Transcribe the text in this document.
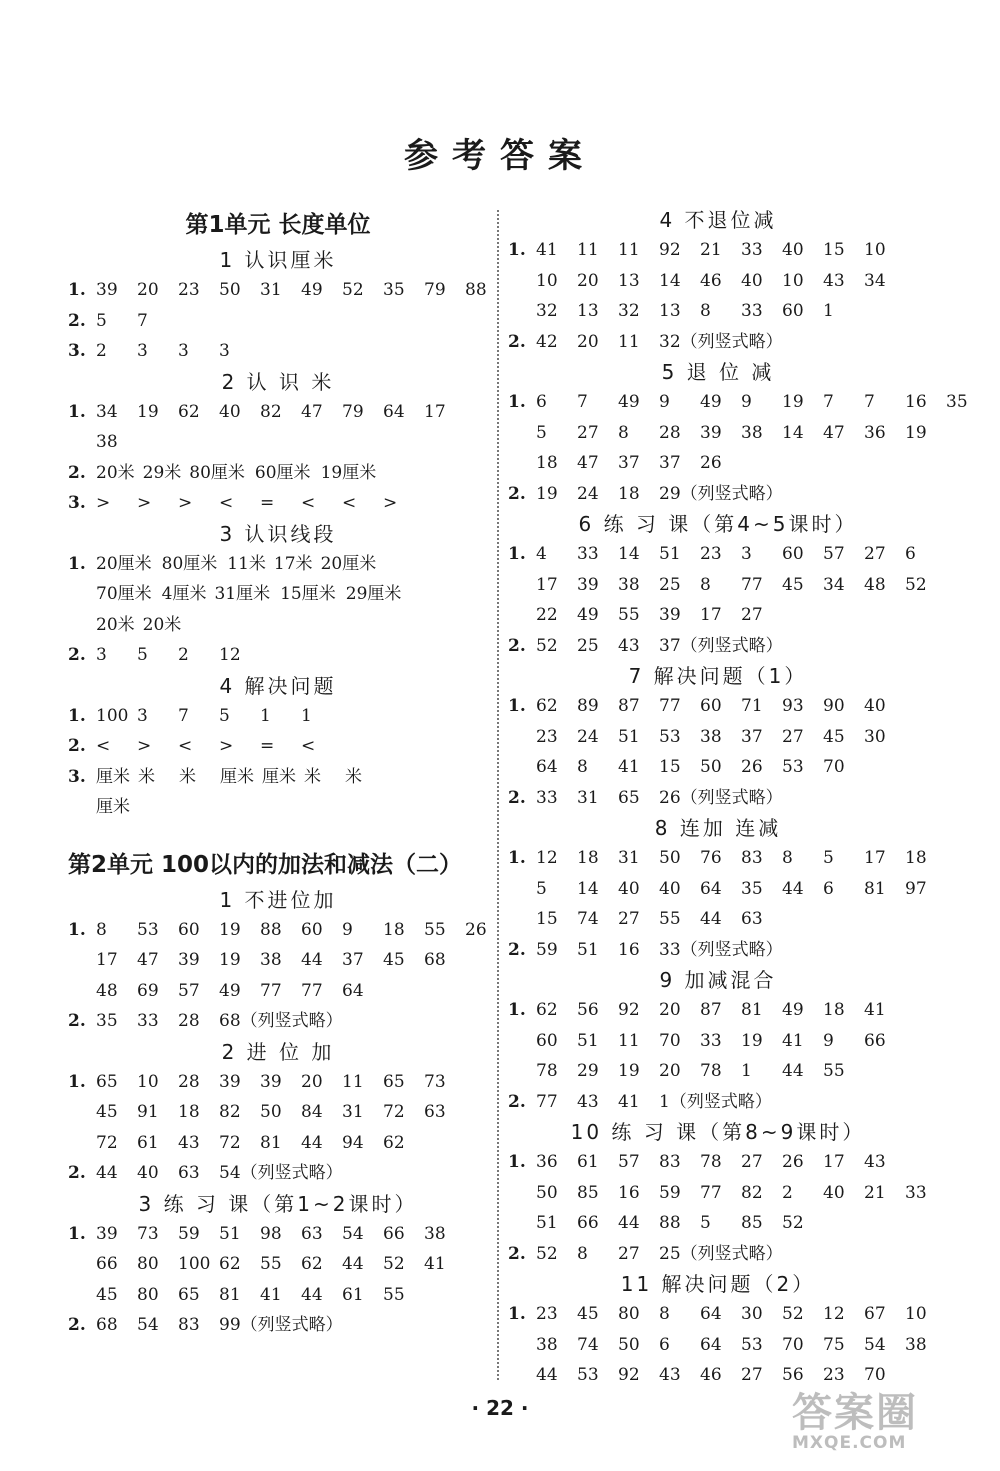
参考答案
第1单元 长度单位
1 认识厘米
1. 39	20	23	50	31	49	52	35	79	88
2. 5	7
3. 2	3	3	3
2 认 识 米
1. 34	19	62	40	82	47	79	64	17
38
2. 20米 29米 80厘米 60厘米 19厘米
3. >	>	>	<	=	<	<	>
3 认识线段
1. 20厘米 80厘米 11米 17米 20厘米
70厘米 4厘米 31厘米 15厘米 29厘米
20米 20米
2. 3	5	2	12
4 解决问题
1. 100 3	7	5	1	1
2. <	>	<	>	=	<
3. 厘米 米	米	厘米 厘米 米	米
厘米
第2单元 100以内的加法和减法（二）
1 不进位加
1. 8	53	60	19	88	60	9	18	55	26
17	47	39	19	38	44	37	45	68
48	69	57	49	77	77	64
2. 35	33	28	68（列竖式略）
2 进 位 加
1. 65	10	28	39	39	20	11	65	73
45	91	18	82	50	84	31	72	63
72	61	43	72	81	44	94	62
2. 44	40	63	54（列竖式略）
3 练 习 课（第1~2课时）
1. 39	73	59	51	98	63	54	66	38
66	80	100 62	55	62	44	52	41
45	80	65	81	41	44	61	55
2. 68	54	83	99（列竖式略）
4 不退位减
1. 41	11	11	92	21	33	40	15	10
10	20	13	14	46	40	10	43	34
32	13	32	13	8	33	60	1
2. 42	20	11	32（列竖式略）
5 退 位 减
1. 6	7	49	9	49	9	19	7	7	16	35
5	27	8	28	39	38	14	47	36	19
18	47	37	37	26
2. 19	24	18	29（列竖式略）
6 练 习 课（第4~5课时）
1. 4	33	14	51	23	3	60	57	27	6
17	39	38	25	8	77	45	34	48	52
22	49	55	39	17	27
2. 52	25	43	37（列竖式略）
7 解决问题（1）
1. 62	89	87	77	60	71	93	90	40
23	24	51	53	38	37	27	45	30
64	8	41	15	50	26	53	70
2. 33	31	65	26（列竖式略）
8 连加 连减
1. 12	18	31	50	76	83	8	5	17	18
5	14	40	40	64	35	44	6	81	97
15	74	27	55	44	63
2. 59	51	16	33（列竖式略）
9 加减混合
1. 62	56	92	20	87	81	49	18	41
60	51	11	70	33	19	41	9	66
78	29	19	20	78	1	44	55
2. 77	43	41	1（列竖式略）
10 练 习 课（第8~9课时）
1. 36	61	57	83	78	27	26	17	43
50	85	16	59	77	82	2	40	21	33
51	66	44	88	5	85	52
2. 52	8	27	25（列竖式略）
11 解决问题（2）
1. 23	45	80	8	64	30	52	12	67	10
38	74	50	6	64	53	70	75	54	38
44	53	92	43	46	27	56	23	70
· 22 ·	答案圈
MXQE.COM
